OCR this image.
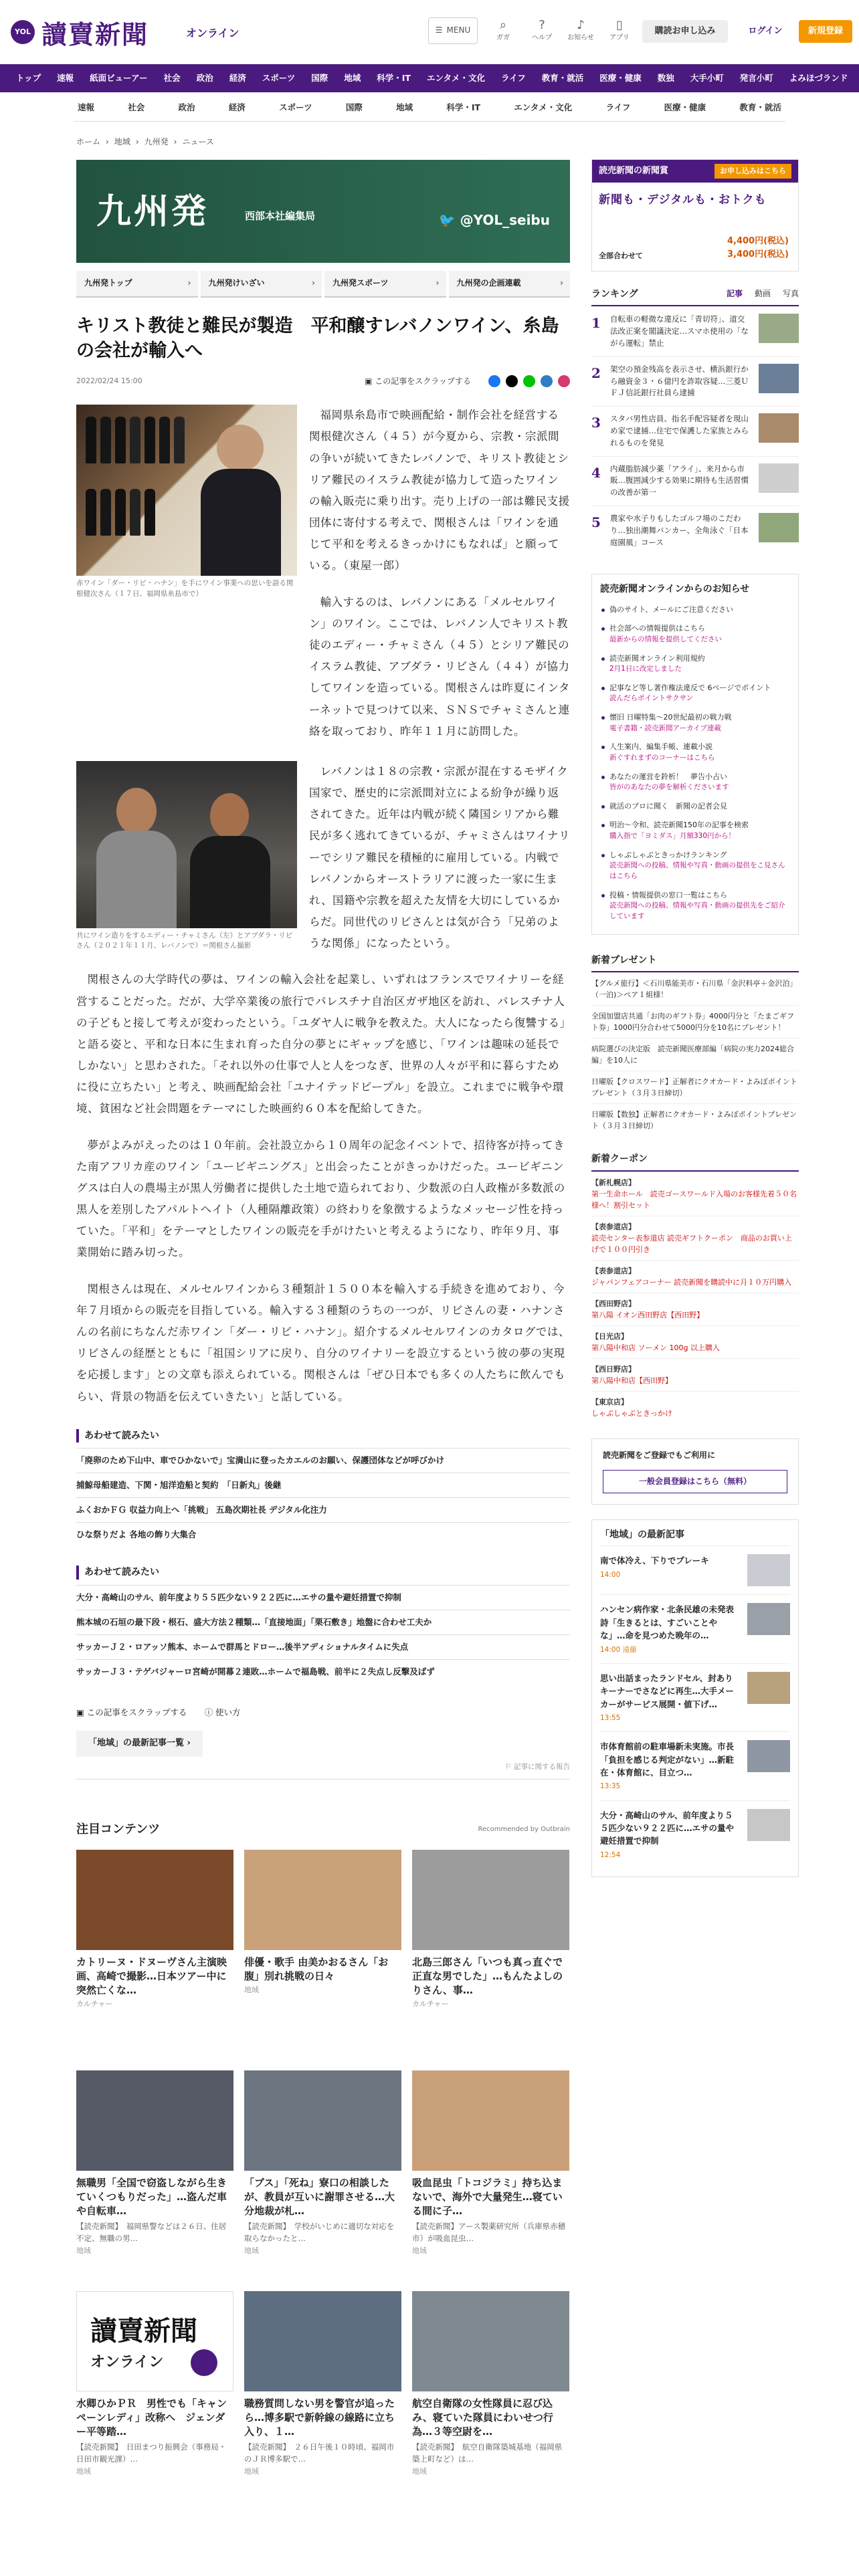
YOL 讀賣新聞	オンライン	☰ MENU	⌕
ガガ
?
ヘルプ
♪
お知らせ
▯
アプリ
購読お申し込み	ログイン	新規登録
トップ	速報	紙面ビューアー	社会	政治	経済	スポーツ	国際	地域	科学・IT	エンタメ・文化	ライフ	教育・就活	医療・健康	数独	大手小町	発言小町	よみほづランド
速報	社会	政治	経済	スポーツ	国際	地域	科学・IT	エンタメ・文化	ライフ	医療・健康	教育・就活
ホーム › 地域 › 九州発 › ニュース
九州発	西部本社編集局	🐦 @YOL_seibu
九州発トップ ›	九州発けいざい ›	九州発スポーツ ›	九州発の企画連載 ›
キリスト教徒と難民が製造　平和醸すレバノンワイン、糸島の会社が輸入へ
2022/02/24 15:00	▣ この記事をスクラップする
赤ワイン「ダー・リビ・ハナン」を手にワイン事業への思いを語る関根健次さん（１７日、福岡県糸島市で）

福岡県糸島市で映画配給・制作会社を経営する関根健次さん（４５）が今夏から、宗教・宗派間の争いが続いてきたレバノンで、キリスト教徒とシリア難民のイスラム教徒が協力して造ったワインの輸入販売に乗り出す。売り上げの一部は難民支援団体に寄付する考えで、関根さんは「ワインを通じて平和を考えるきっかけにもなれば」と願っている。（東屋一郎）

輸入するのは、レバノンにある「メルセルワイン」のワイン。ここでは、レバノン人でキリスト教徒のエディー・チャミさん（４５）とシリア難民のイスラム教徒、アブダラ・リビさん（４４）が協力してワインを造っている。関根さんは昨夏にインターネットで見つけて以来、ＳＮＳでチャミさんと連絡を取っており、昨年１１月に訪問した。

共にワイン造りをするエディー・チャミさん（左）とアブダラ・リビさん（２０２１年１１月、レバノンで）＝関根さん撮影

レバノンは１８の宗教・宗派が混在するモザイク国家で、歴史的に宗派間対立による紛争が繰り返されてきた。近年は内戦が続く隣国シリアから難民が多く逃れてきているが、チャミさんはワイナリーでシリア難民を積極的に雇用している。内戦でレバノンからオーストラリアに渡った一家に生まれ、国籍や宗教を超えた友情を大切にしているからだ。同世代のリビさんとは気が合う「兄弟のような関係」になったという。

関根さんの大学時代の夢は、ワインの輸入会社を起業し、いずれはフランスでワイナリーを経営することだった。だが、大学卒業後の旅行でパレスチナ自治区ガザ地区を訪れ、パレスチナ人の子どもと接して考えが変わったという。「ユダヤ人に戦争を教えた。大人になったら復讐する」と語る姿と、平和な日本に生まれ育った自分の夢とにギャップを感じ、「ワインは趣味の延長でしかない」と思わされた。「それ以外の仕事で人と人をつなぎ、世界の人々が平和に暮らすために役に立ちたい」と考え、映画配給会社「ユナイテッドピープル」を設立。これまでに戦争や環境、貧困など社会問題をテーマにした映画約６０本を配給してきた。

夢がよみがえったのは１０年前。会社設立から１０周年の記念イベントで、招待客が持ってきた南アフリカ産のワイン「ユービギニングス」と出会ったことがきっかけだった。ユービギニングスは白人の農場主が黒人労働者に提供した土地で造られており、少数派の白人政権が多数派の黒人を差別したアパルトヘイト（人種隔離政策）の終わりを象徴するようなメッセージ性を持っていた。「平和」をテーマとしたワインの販売を手がけたいと考えるようになり、昨年９月、事業開始に踏み切った。

関根さんは現在、メルセルワインから３種類計１５００本を輸入する手続きを進めており、今年７月頃からの販売を目指している。輸入する３種類のうちの一つが、リビさんの妻・ハナンさんの名前にちなんだ赤ワイン「ダー・リビ・ハナン」。紹介するメルセルワインのカタログでは、リビさんの経歴とともに「祖国シリアに戻り、自分のワイナリーを設立するという彼の夢の実現を応援します」との文章も添えられている。関根さんは「ぜひ日本でも多くの人たちに飲んでもらい、背景の物語を伝えていきたい」と話している。

あわせて読みたい
「廃卵のため下山中、車でひかないで」宝満山に登ったカエルのお願い、保護団体などが呼びかけ
捕鯨母船建造、下関・旭洋造船と契約　「日新丸」後継
ふくおかＦＧ 収益力向上へ「挑戦」 五島次期社長 デジタル化注力
ひな祭りだよ 各地の飾り大集合
あわせて読みたい
大分・高崎山のサル、前年度より５５匹少ない９２２匹に…エサの量や避妊措置で抑制
熊本城の石垣の最下段・根石、盛大方法２種類…「直接地面」「栗石敷き」地盤に合わせ工夫か
サッカーＪ２・ロアッソ熊本、ホームで群馬とドロー…後半アディショナルタイムに失点
サッカーＪ３・テゲバジャーロ宮崎が開幕２連敗…ホームで福島戦、前半に２失点し反撃及ばず
▣ この記事をスクラップする ⓘ 使い方
「地域」の最新記事一覧 ›
⚐ 記事に関する報告
注目コンテンツ	Recommended by Outbrain
カトリーヌ・ドヌーヴさん主演映画、高崎で撮影…日本ツアー中に突然亡くな…
カルチャー
俳優・歌手 由美かおるさん「お腹」別れ挑戦の日々
地域
北島三郎さん「いつも真っ直ぐで正直な男でした」…もんたよしのりさん、事…
カルチャー
無職男「全国で窃盗しながら生きていくつもりだった」…盗んだ車や自転車…
【読売新聞】　福岡県警などは２６日、住居不定、無職の男…
地域
「ブス」「死ね」寮口の相談したが、教員が互いに謝罪させる…大分地裁が札…
【読売新聞】　学校がいじめに適切な対応を取らなかったと…
地域
吸血昆虫「トコジラミ」持ち込まないで、海外で大量発生…寝ている間に子…
【読売新聞】アース製薬研究所（兵庫県赤穂市）が吸血昆虫…
地域
讀賣新聞
オンライン
水卿ひかＰＲ　男性でも「キャンペーンレディ」改称へ　ジェンダー平等踏…
【読売新聞】　日田まつり振興会（事務局・日田市観光課）…
地域
職務質問しない男を警官が追ったら…博多駅で新幹線の線路に立ち入り、１…
【読売新聞】　２６日午後１０時頃、福岡市のＪＲ博多駅で…
地域
航空自衛隊の女性隊員に忍び込み、寝ていた隊員にわいせつ行為…３等空尉を…
【読売新聞】　航空自衛隊築城基地（福岡県築上町など）は…
地域
読売新聞の新聞賞	お申し込みはこちら
新聞も・デジタルも・おトクも
全部合わせて
4,400円(税込)
3,400円(税込)
ランキング	記事 動画 写真
1	自転車の軽微な違反に「青切符」、道交法改正案を閣議決定…スマホ使用の「ながら運転」禁止
2	架空の預金残高を表示させ、横浜銀行から融資金３・６億円を詐取容疑…三菱ＵＦＪ信託銀行社員ら逮捕
3	スタバ男性店員、指名手配容疑者を現山め家で逮捕…住宅で保護した家族とみられるものを発見
4	内蔵脂肪減少薬「アライ」、来月から市販…腹囲減少する効果に期待も生活習慣の改善が第一
5	農家や水子りもしたゴルフ場のこだわり…独出潮舞バンカー、全角泳ぐ「日本庭園風」コース
読売新聞オンラインからのお知らせ
偽のサイト、メールにご注意ください
社会部への情報提供はこちら
最新からの情報を提供してください
読売新聞オンライン利用規約
2月1日に改定しました
記事など等し著作権法違反で 6ページでポイント
読んだらポイントサクサン
懐旧 日曜特集〜20世紀最初の戦力戦
電子書籍・読売新聞アーカイブ連載
人生案内、編集手帳、連載小説
新ぐすれまずのコーナーはこちら
あなたの運営を鈴析！　夢告小占い
皆がのあなたの夢を解析くださいます
就活のプロに聞く　新聞の記者会見
明治〜令和、読売新聞150年の記事を検索
購入指で「ヨミダス」月額330円から！
しゃぶしゃぶときっかけランキング
読売新聞への投稿、情報や写真・動画の提供をこ見さんはこちら
投稿・情報提供の窓口一覧はこちら
読売新聞への投稿、情報や写真・動画の提供先をご紹介しています
新着プレゼント
【グルメ旅行】＜石川県能美市・石川県「金沢料亭＋金沢泊」（一泊)＞ペア１組様！
全国加盟店共通「お肉のギフト券」4000円分と「たまごギフト券」1000円分合わせて5000円分を10名にプレゼント！
病院選びの決定版　読売新聞医療部編「病院の実力2024総合編」を10人に
日曜版【クロスワード】正解者にクオカード・よみぽポイントプレゼント（３月３日締切）
日曜版【数独】正解者にクオカード・よみぽポイントプレゼント（３月３日締切）
新着クーポン
【新札幌店】
第一生命ホール　読売ゴースワールド入場のお客様先着５０名様へ！割引セット
【表参道店】
読売センター表参道店 読売ギフトクーポン　商品のお買い上げで１００円引き
【表参道店】
ジャパンフェアコーナー 読売新聞を購読中に月１０万円購入
【西田野店】
第八陽 イオン西田野店【西田野】
【日光店】
第八陽中和店 ソーメン 100g 以上購入
【西日野店】
第八陽中和店【西田野】
【東京店】
しゃぶしゃぶときっかけ
読売新聞をご登録でもご利用に
一般会員登録はこちら（無料）
「地域」の最新記事
南で体冷え、下りでプレーキ
14:00
ハンセン病作家・北条民雄の未発表詩「生きるとは、すごいことやな」…命を見つめた晩年の…
14:00 遠藤
思い出話まったランドセル、封ありキーナーでさなどに再生…大手メーカーがサービス展開・値下げ…
13:55
市体育館前の駐車場新未実施。市長「負担を感じる判定がない」…新駐在・体育館に、目立つ…
13:35
大分・高崎山のサル、前年度より５５匹少ない９２２匹に…エサの量や避妊措置で抑制
12:54
